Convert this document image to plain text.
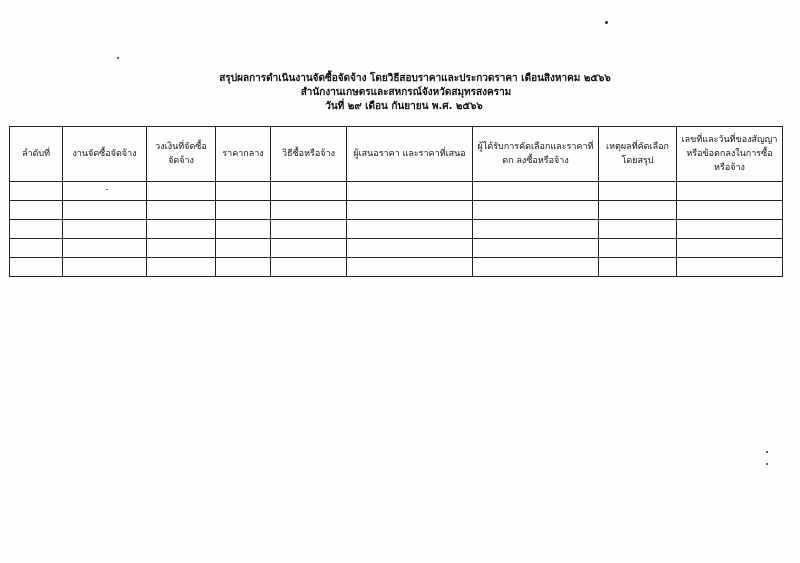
สรุปผลการดำเนินงานจัดซื้อจัดจ้าง โดยวิธีสอบราคาและประกวดราคา เดือนสิงหาคม ๒๕๖๖

สำนักงานเกษตรและสหกรณ์จังหวัดสมุทรสงคราม

วันที่ ๒๙ เดือน กันยายน พ.ศ. ๒๕๖๖

ลำดับที่	งานจัดซื้อจัดจ้าง	วงเงินที่จัดซื้อ จัดจ้าง	ราคากลาง	วิธีซื้อหรือจ้าง	ผู้เสนอราคา และราคาที่เสนอ	ผู้ได้รับการคัดเลือกและราคาที่ตก ลงซื้อหรือจ้าง	เหตุผลที่คัดเลือก โดยสรุป	เลขที่และวันที่ของสัญญา หรือข้อตกลงในการซื้อ หรือจ้าง
